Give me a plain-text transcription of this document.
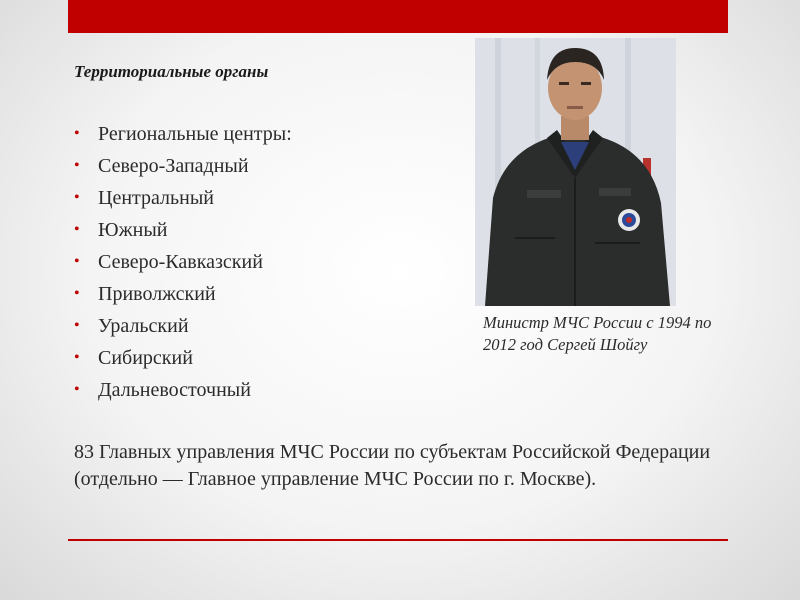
Территориальные органы
• Региональные центры:
• Северо-Западный
• Центральный
• Южный
• Северо-Кавказский
• Приволжский
• Уральский
• Сибирский
• Дальневосточный
Министр МЧС России с 1994 по 2012 год Сергей Шойгу
83 Главных управления МЧС России по субъектам Российской Федерации (отдельно — Главное управление МЧС России по г. Москве).
